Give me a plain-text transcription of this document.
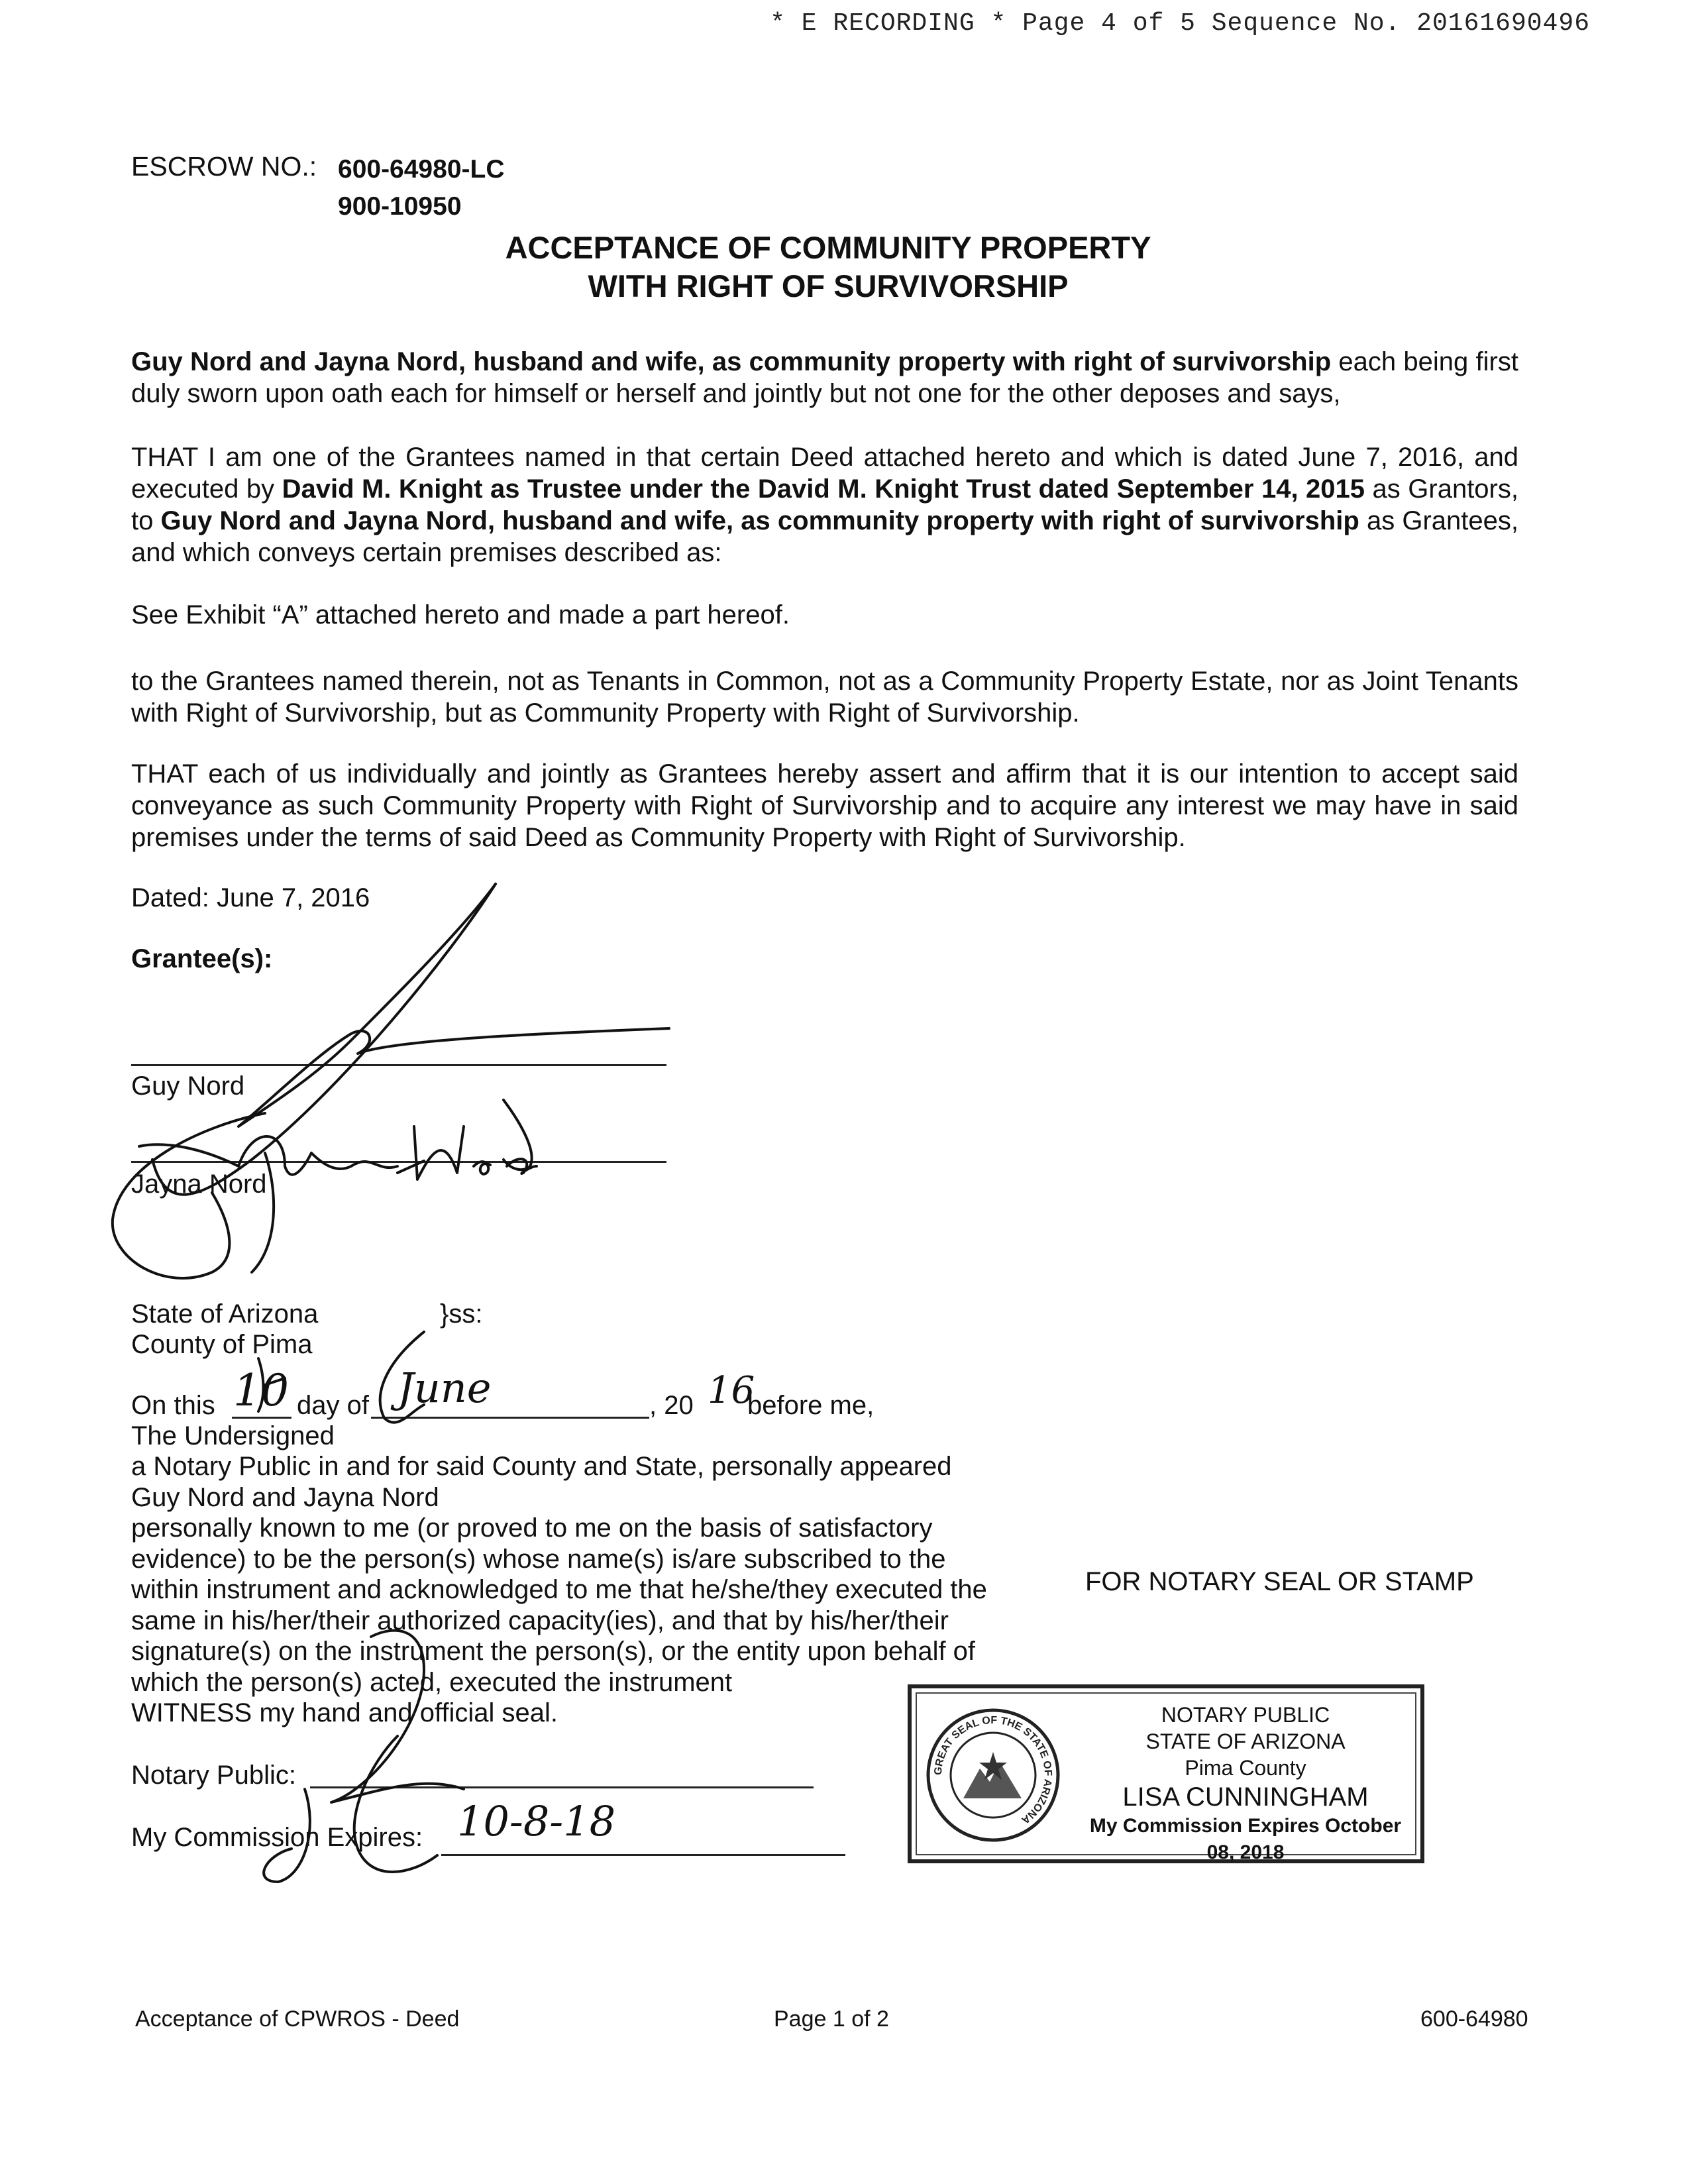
* E RECORDING * Page 4 of 5 Sequence No. 20161690496
ESCROW NO.: 600-64980-LC
900-10950
ACCEPTANCE OF COMMUNITY PROPERTY
WITH RIGHT OF SURVIVORSHIP
Guy Nord and Jayna Nord, husband and wife, as community property with right of survivorship each being first duly sworn upon oath each for himself or herself and jointly but not one for the other deposes and says,
THAT I am one of the Grantees named in that certain Deed attached hereto and which is dated June 7, 2016, and executed by David M. Knight as Trustee under the David M. Knight Trust dated September 14, 2015 as Grantors, to Guy Nord and Jayna Nord, husband and wife, as community property with right of survivorship as Grantees, and which conveys certain premises described as:
See Exhibit “A” attached hereto and made a part hereof.
to the Grantees named therein, not as Tenants in Common, not as a Community Property Estate, nor as Joint Tenants with Right of Survivorship, but as Community Property with Right of Survivorship.
THAT each of us individually and jointly as Grantees hereby assert and affirm that it is our intention to accept said conveyance as such Community Property with Right of Survivorship and to acquire any interest we may have in said premises under the terms of said Deed as Community Property with Right of Survivorship.
Dated: June 7, 2016
Grantee(s):
Guy Nord
Jayna Nord
State of Arizona	}ss:
County of Pima
On this 10 day of June	, 20 16
before me,
The Undersigned
a Notary Public in and for said County and State, personally appeared
Guy Nord and Jayna Nord
personally known to me (or proved to me on the basis of satisfactory
evidence) to be the person(s) whose name(s) is/are subscribed to the
within instrument and acknowledged to me that he/she/they executed the
same in his/her/their authorized capacity(ies), and that by his/her/their
signature(s) on the instrument the person(s), or the entity upon behalf of
which the person(s) acted, executed the instrument
WITNESS my hand and official seal.
Notary Public:
My Commission Expires: 10-8-18
FOR NOTARY SEAL OR STAMP
GREAT SEAL OF THE STATE OF ARIZONA
NOTARY PUBLIC
STATE OF ARIZONA
Pima County
LISA CUNNINGHAM
My Commission Expires October 08, 2018
Acceptance of CPWROS - Deed	Page 1 of 2	600-64980
